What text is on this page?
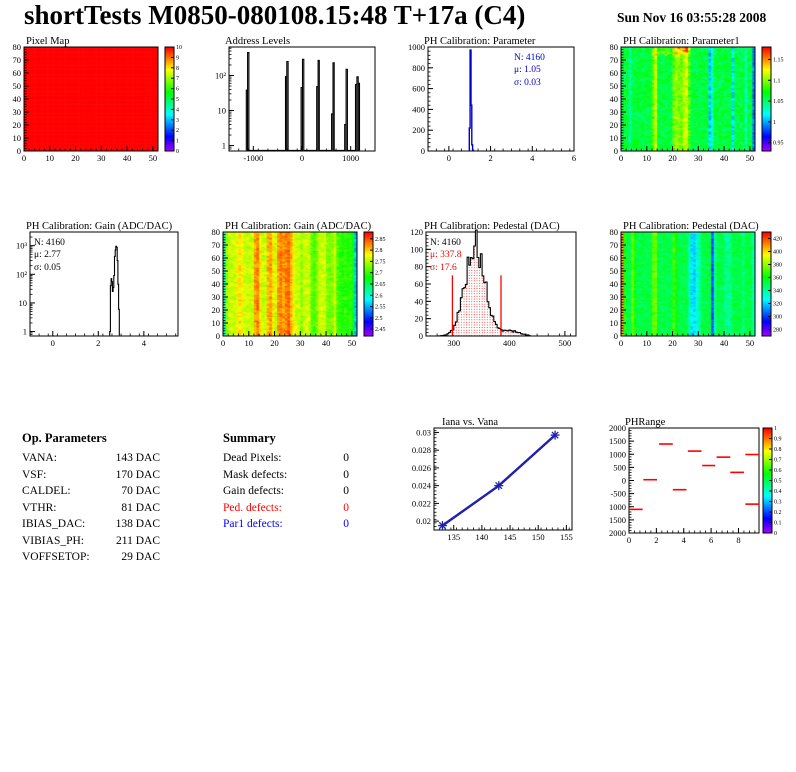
shortTests M0850-080108.15:48 T+17a (C4)	Sun Nov 16 03:55:28 2008
0
1
2
3
4
5
6
7
8
9
10
0 10 20 30 40 50
0
10
20
30
40
50
60
70
80 Pixel Map
-1000	0	1000
1
10
10²
Address Levels
0	2	4	6
0
200
400
600
800
1000 PH Calibration: Parameter
N: 4160
μ: 1.05
σ: 0.03
0.95
1
1.05
1.1
1.15
0 10 20 30 40 50
0
10
20
30
40
50
60
70
80 PH Calibration: Parameter1
0	2	4
1
10
10²
10³
PH Calibration: Gain (ADC/DAC)
N: 4160
μ: 2.77
σ: 0.05
2.45
2.5
2.55
2.6
2.65
2.7
2.75
2.8
2.85
0 10 20 30 40 50
0
10
20
30
40
50
60
70
80 PH Calibration: Gain (ADC/DAC)
300	400	500
0
20
40
60
80
100
120 PH Calibration: Pedestal (DAC)
N: 4160
μ: 337.8
σ: 17.6
280
300
320
340
360
380
400
420
0 10 20 30 40 50
0
10
20
30
40
50
60
70
80 PH Calibration: Pedestal (DAC)
Op. Parameters
VANA:	143 DAC
VSF:	170 DAC
CALDEL:	70 DAC
VTHR:	81 DAC
IBIAS_DAC:	138 DAC
VIBIAS_PH:	211 DAC
VOFFSETOP:	29 DAC
Summary
Dead Pixels:	0
Mask defects:	0
Gain defects:	0
Ped. defects:	0
Par1 defects:	0
135 140 145 150 155
0.02
0.022
0.024
0.026
0.028
0.03
Iana vs. Vana
0	2	4	6	8
2000
1500
1000
500
0
-500
1000
1500
2000	0
0.1
0.2
0.3
0.4
0.5
0.6
0.7
0.8
0.9
1
PHRange
